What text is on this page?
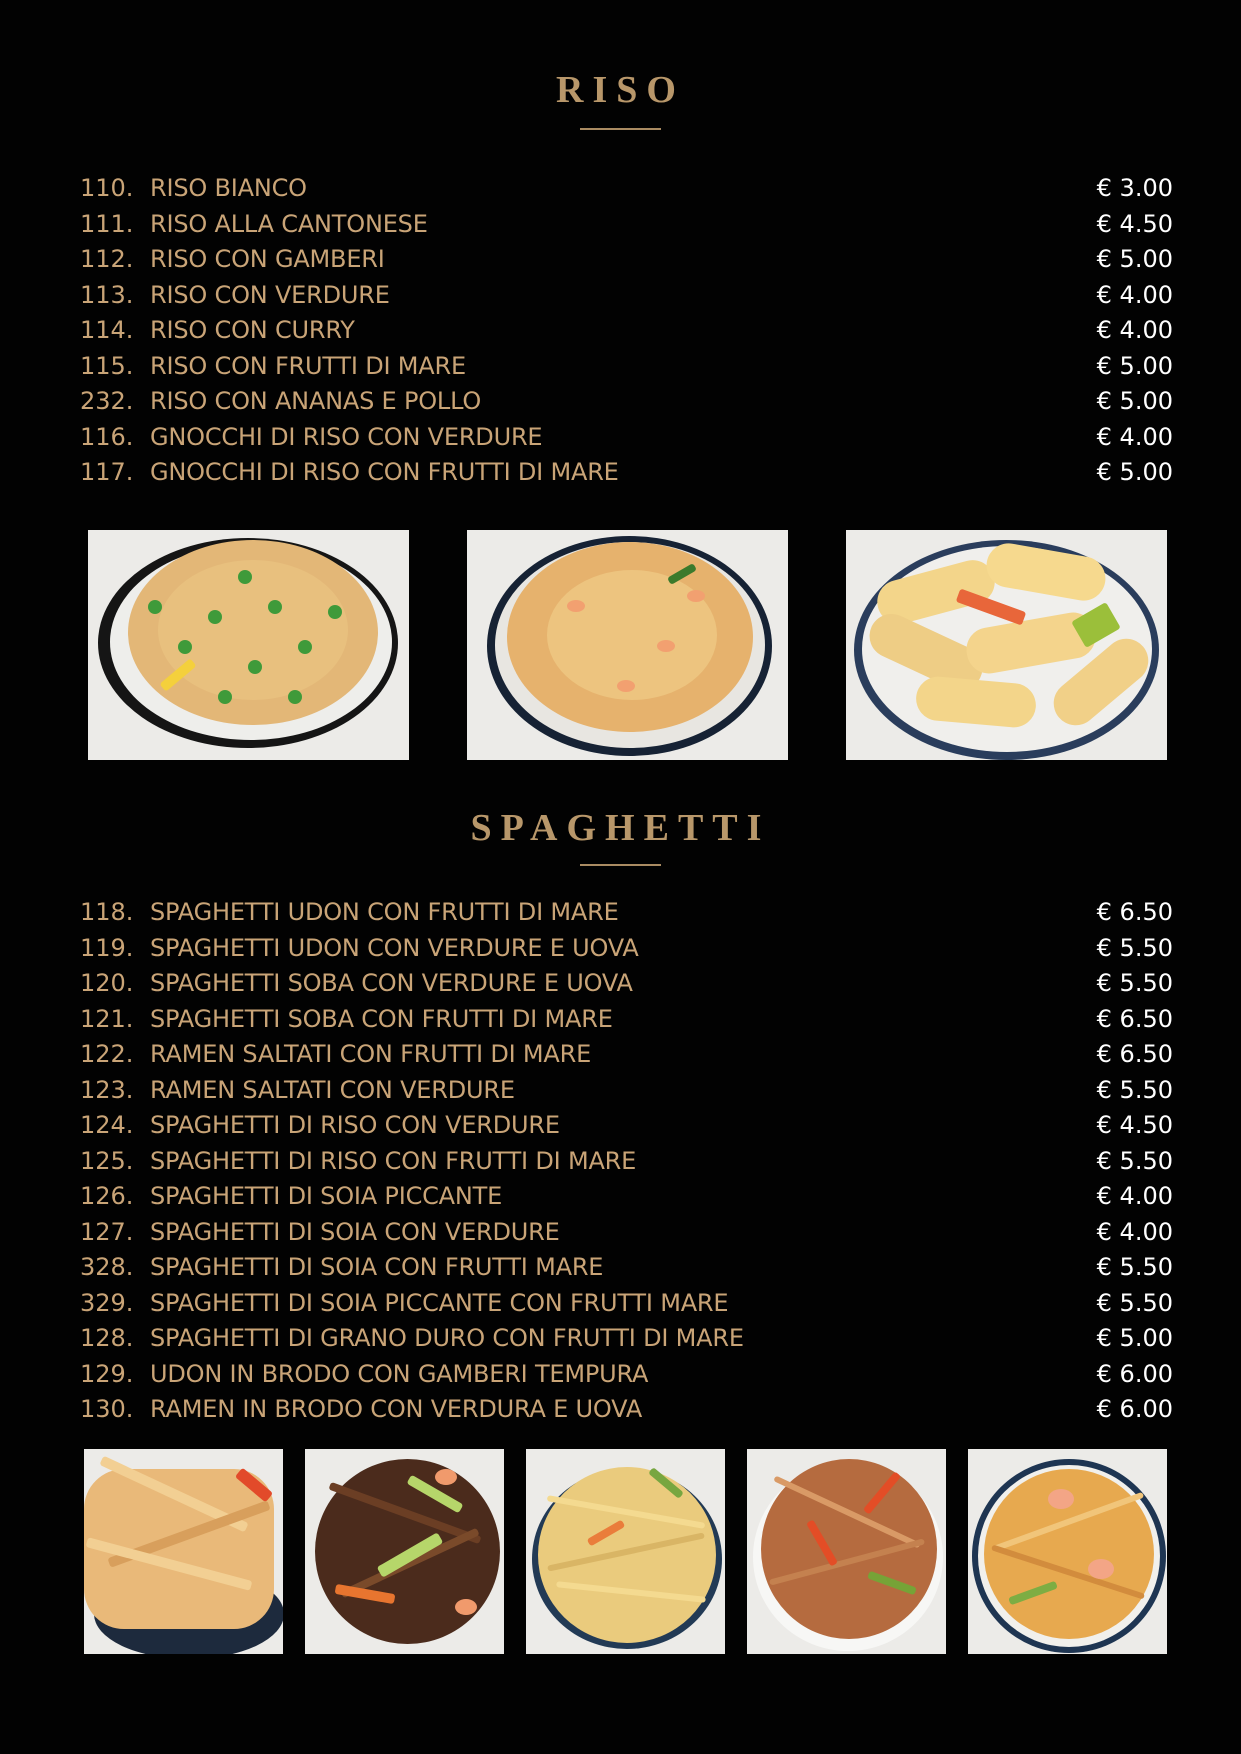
RISO
110. RISO BIANCO	€ 3.00
111. RISO ALLA CANTONESE	€ 4.50
112. RISO CON GAMBERI	€ 5.00
113. RISO CON VERDURE	€ 4.00
114. RISO CON CURRY	€ 4.00
115. RISO CON FRUTTI DI MARE	€ 5.00
232. RISO CON ANANAS E POLLO	€ 5.00
116. GNOCCHI DI RISO CON VERDURE	€ 4.00
117. GNOCCHI DI RISO CON FRUTTI DI MARE	€ 5.00
SPAGHETTI
118. SPAGHETTI UDON CON FRUTTI DI MARE	€ 6.50
119. SPAGHETTI UDON CON VERDURE E UOVA	€ 5.50
120. SPAGHETTI SOBA CON VERDURE E UOVA	€ 5.50
121. SPAGHETTI SOBA CON FRUTTI DI MARE	€ 6.50
122. RAMEN SALTATI CON FRUTTI DI MARE	€ 6.50
123. RAMEN SALTATI CON VERDURE	€ 5.50
124. SPAGHETTI DI RISO CON VERDURE	€ 4.50
125. SPAGHETTI DI RISO CON FRUTTI DI MARE	€ 5.50
126. SPAGHETTI DI SOIA PICCANTE	€ 4.00
127. SPAGHETTI DI SOIA CON VERDURE	€ 4.00
328. SPAGHETTI DI SOIA CON FRUTTI MARE	€ 5.50
329. SPAGHETTI DI SOIA PICCANTE CON FRUTTI MARE	€ 5.50
128. SPAGHETTI DI GRANO DURO CON FRUTTI DI MARE	€ 5.00
129. UDON IN BRODO CON GAMBERI TEMPURA	€ 6.00
130. RAMEN IN BRODO CON VERDURA E UOVA	€ 6.00
